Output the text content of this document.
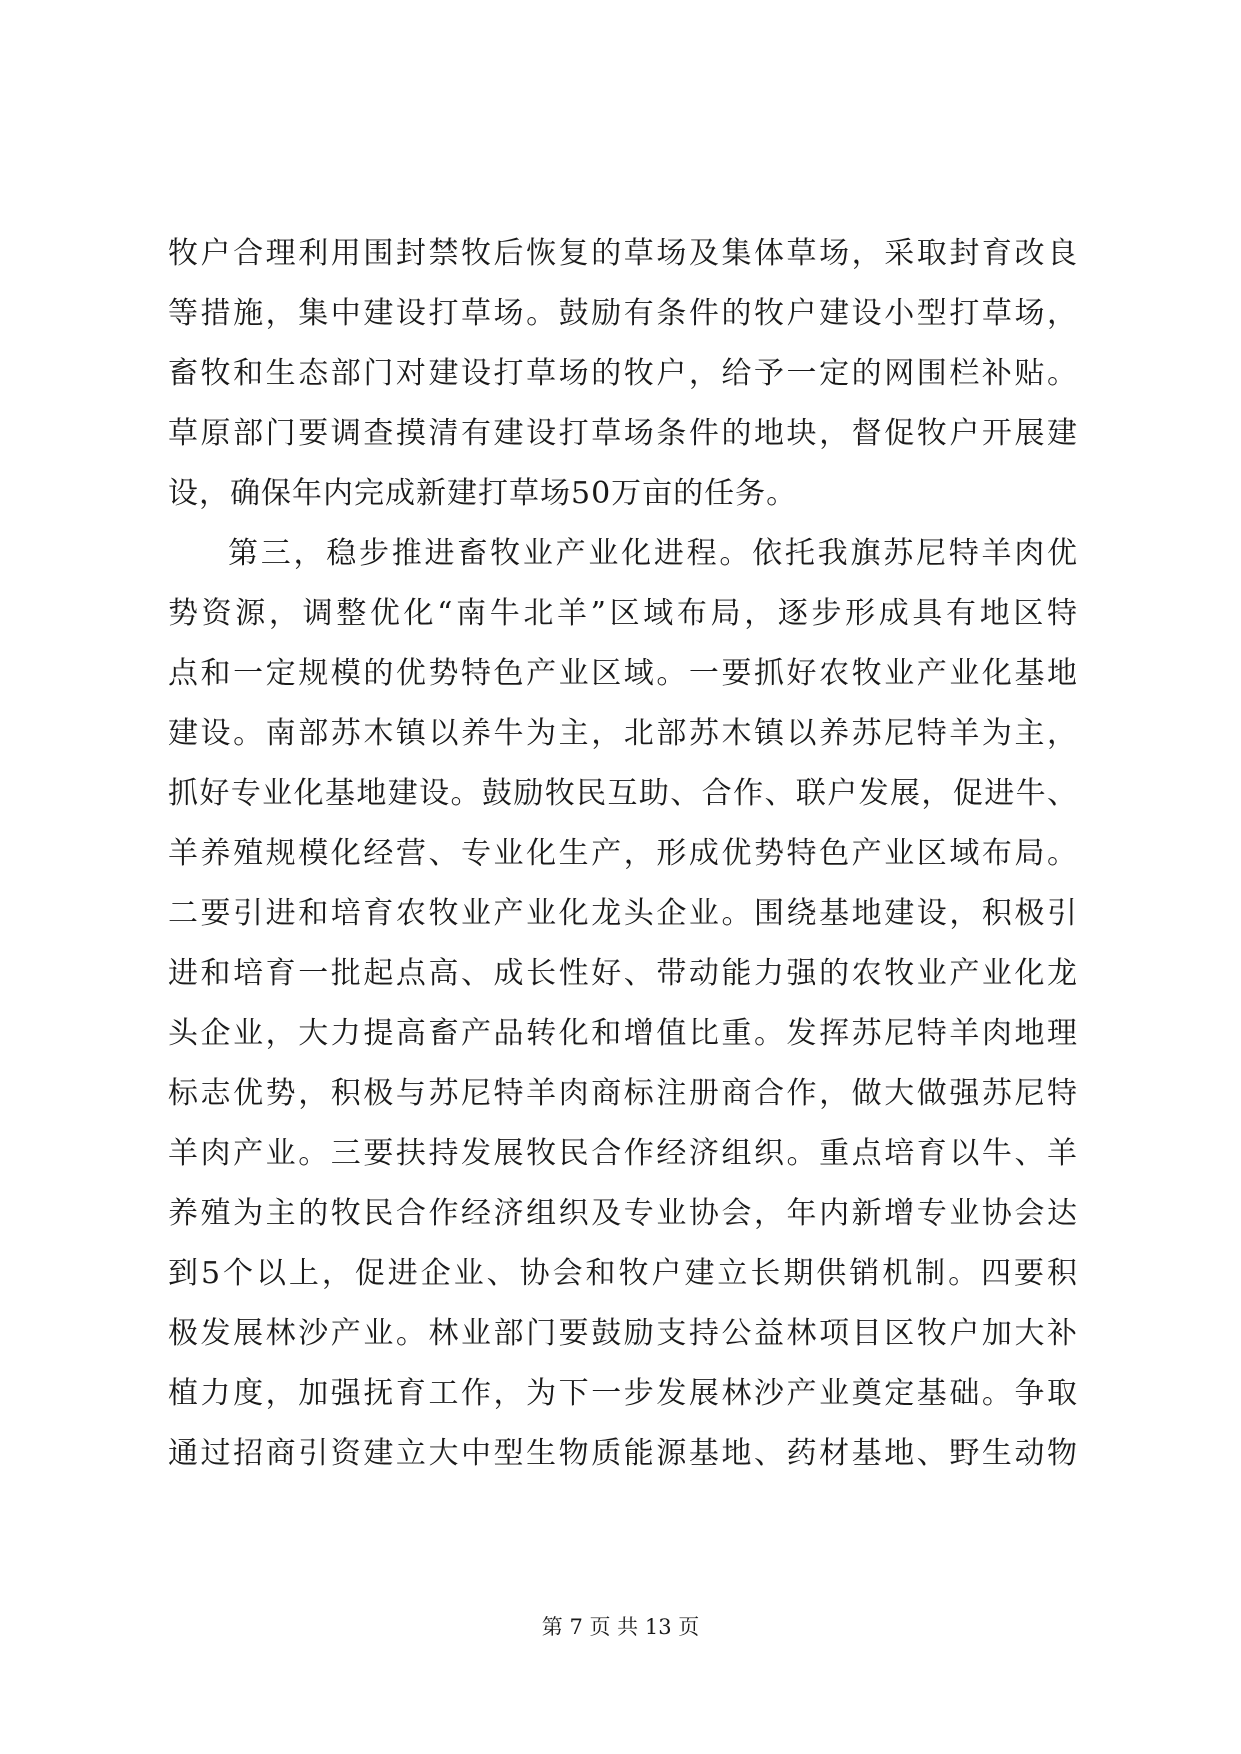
牧户合理利用围封禁牧后恢复的草场及集体草场，采取封育改良
等措施，集中建设打草场。鼓励有条件的牧户建设小型打草场，
畜牧和生态部门对建设打草场的牧户，给予一定的网围栏补贴。
草原部门要调查摸清有建设打草场条件的地块，督促牧户开展建
设，确保年内完成新建打草场50万亩的任务。
第三，稳步推进畜牧业产业化进程。依托我旗苏尼特羊肉优
势资源，调整优化“南牛北羊”区域布局，逐步形成具有地区特
点和一定规模的优势特色产业区域。一要抓好农牧业产业化基地
建设。南部苏木镇以养牛为主，北部苏木镇以养苏尼特羊为主，
抓好专业化基地建设。鼓励牧民互助、合作、联户发展，促进牛、
羊养殖规模化经营、专业化生产，形成优势特色产业区域布局。
二要引进和培育农牧业产业化龙头企业。围绕基地建设，积极引
进和培育一批起点高、成长性好、带动能力强的农牧业产业化龙
头企业，大力提高畜产品转化和增值比重。发挥苏尼特羊肉地理
标志优势，积极与苏尼特羊肉商标注册商合作，做大做强苏尼特
羊肉产业。三要扶持发展牧民合作经济组织。重点培育以牛、羊
养殖为主的牧民合作经济组织及专业协会，年内新增专业协会达
到5个以上，促进企业、协会和牧户建立长期供销机制。四要积
极发展林沙产业。林业部门要鼓励支持公益林项目区牧户加大补
植力度，加强抚育工作，为下一步发展林沙产业奠定基础。争取
通过招商引资建立大中型生物质能源基地、药材基地、野生动物
第 7 页 共 13 页
